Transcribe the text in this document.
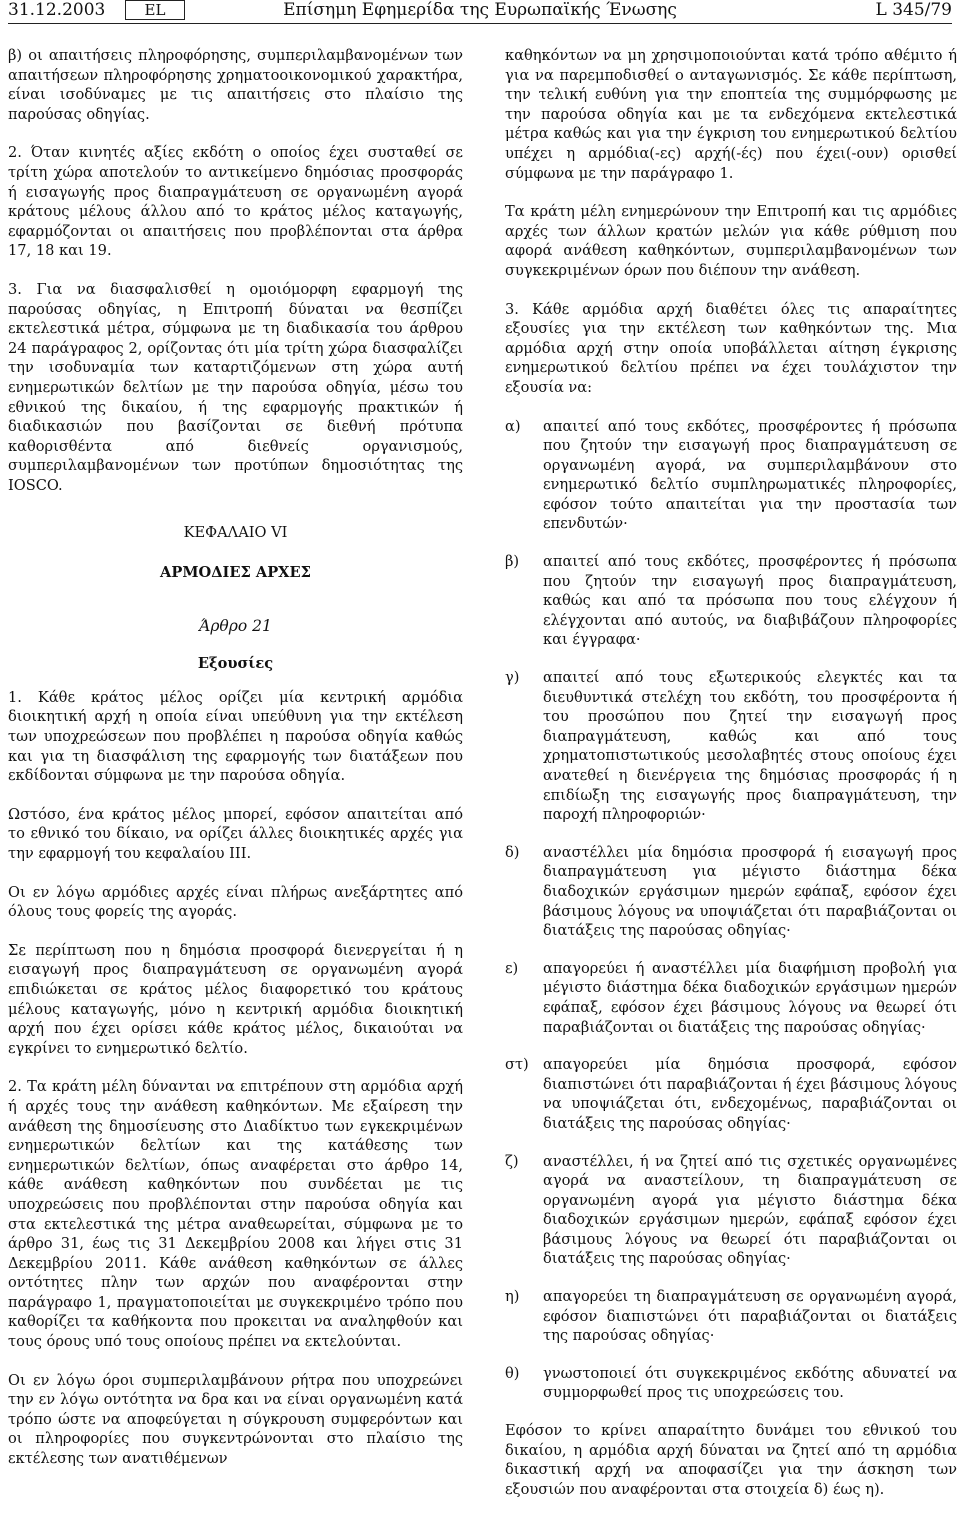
31.12.2003	EL	Επίσημη Εφημερίδα της Ευρωπαϊκής Ένωσης	L 345/79

β) οι απαιτήσεις πληροφόρησης, συμπεριλαμβανομένων των απαιτήσεων πληροφόρησης χρηματοοικονομικού χαρακτήρα, είναι ισοδύναμες με τις απαιτήσεις στο πλαίσιο της παρούσας οδηγίας.

2. Όταν κινητές αξίες εκδότη ο οποίος έχει συσταθεί σε τρίτη χώρα αποτελούν το αντικείμενο δημόσιας προσφοράς ή εισαγωγής προς διαπραγμάτευση σε οργανωμένη αγορά κράτους μέλους άλλου από το κράτος μέλος καταγωγής, εφαρμόζονται οι απαιτήσεις που προβλέπονται στα άρθρα 17, 18 και 19.

3. Για να διασφαλισθεί η ομοιόμορφη εφαρμογή της παρούσας οδηγίας, η Επιτροπή δύναται να θεσπίζει εκτελεστικά μέτρα, σύμφωνα με τη διαδικασία του άρθρου 24 παράγραφος 2, ορίζοντας ότι μία τρίτη χώρα διασφαλίζει την ισοδυναμία των καταρτιζόμενων στη χώρα αυτή ενημερωτικών δελτίων με την παρούσα οδηγία, μέσω του εθνικού της δικαίου, ή της εφαρμογής πρακτικών ή διαδικασιών που βασίζονται σε διεθνή πρότυπα καθορισθέντα από διεθνείς οργανισμούς, συμπεριλαμβανομένων των προτύπων δημοσιότητας της IOSCO.

ΚΕΦΑΛΑΙΟ VI
ΑΡΜΟΔΙΕΣ ΑΡΧΕΣ
Άρθρο 21
Εξουσίες

1. Κάθε κράτος μέλος ορίζει μία κεντρική αρμόδια διοικητική αρχή η οποία είναι υπεύθυνη για την εκτέλεση των υποχρεώσεων που προβλέπει η παρούσα οδηγία καθώς και για τη διασφάλιση της εφαρμογής των διατάξεων που εκδίδονται σύμφωνα με την παρούσα οδηγία.

Ωστόσο, ένα κράτος μέλος μπορεί, εφόσον απαιτείται από το εθνικό του δίκαιο, να ορίζει άλλες διοικητικές αρχές για την εφαρμογή του κεφαλαίου III.

Οι εν λόγω αρμόδιες αρχές είναι πλήρως ανεξάρτητες από όλους τους φορείς της αγοράς.

Σε περίπτωση που η δημόσια προσφορά διενεργείται ή η εισαγωγή προς διαπραγμάτευση σε οργανωμένη αγορά επιδιώκεται σε κράτος μέλος διαφορετικό του κράτους μέλους καταγωγής, μόνο η κεντρική αρμόδια διοικητική αρχή που έχει ορίσει κάθε κράτος μέλος, δικαιούται να εγκρίνει το ενημερωτικό δελτίο.

2. Τα κράτη μέλη δύνανται να επιτρέπουν στη αρμόδια αρχή ή αρχές τους την ανάθεση καθηκόντων. Με εξαίρεση την ανάθεση της δημοσίευσης στο Διαδίκτυο των εγκεκριμένων ενημερωτικών δελτίων και της κατάθεσης των ενημερωτικών δελτίων, όπως αναφέρεται στο άρθρο 14, κάθε ανάθεση καθηκόντων που συνδέεται με τις υποχρεώσεις που προβλέπονται στην παρούσα οδηγία και στα εκτελεστικά της μέτρα αναθεωρείται, σύμφωνα με το άρθρο 31, έως τις 31 Δεκεμβρίου 2008 και λήγει στις 31 Δεκεμβρίου 2011. Κάθε ανάθεση καθηκόντων σε άλλες οντότητες πλην των αρχών που αναφέρονται στην παράγραφο 1, πραγματοποιείται με συγκεκριμένο τρόπο που καθορίζει τα καθήκοντα που προκειται να αναληφθούν και τους όρους υπό τους οποίους πρέπει να εκτελούνται.

Οι εν λόγω όροι συμπεριλαμβάνουν ρήτρα που υποχρεώνει την εν λόγω οντότητα να δρα και να είναι οργανωμένη κατά τρόπο ώστε να αποφεύγεται η σύγκρουση συμφερόντων και οι πληροφορίες που συγκεντρώνονται στο πλαίσιο της εκτέλεσης των ανατιθέμενων

καθηκόντων να μη χρησιμοποιούνται κατά τρόπο αθέμιτο ή για να παρεμποδισθεί ο ανταγωνισμός. Σε κάθε περίπτωση, την τελική ευθύνη για την εποπτεία της συμμόρφωσης με την παρούσα οδηγία και με τα ενδεχόμενα εκτελεστικά μέτρα καθώς και για την έγκριση του ενημερωτικού δελτίου υπέχει η αρμόδια(-ες) αρχή(-ές) που έχει(-ουν) ορισθεί σύμφωνα με την παράγραφο 1.

Τα κράτη μέλη ενημερώνουν την Επιτροπή και τις αρμόδιες αρχές των άλλων κρατών μελών για κάθε ρύθμιση που αφορά ανάθεση καθηκόντων, συμπεριλαμβανομένων των συγκεκριμένων όρων που διέπουν την ανάθεση.

3. Κάθε αρμόδια αρχή διαθέτει όλες τις απαραίτητες εξουσίες για την εκτέλεση των καθηκόντων της. Μια αρμόδια αρχή στην οποία υποβάλλεται αίτηση έγκρισης ενημερωτικού δελτίου πρέπει να έχει τουλάχιστον την εξουσία να:

α)	απαιτεί από τους εκδότες, προσφέροντες ή πρόσωπα που ζητούν την εισαγωγή προς διαπραγμάτευση σε οργανωμένη αγορά, να συμπεριλαμβάνουν στο ενημερωτικό δελτίο συμπληρωματικές πληροφορίες, εφόσον τούτο απαιτείται για την προστασία των επενδυτών·
β)	απαιτεί από τους εκδότες, προσφέροντες ή πρόσωπα που ζητούν την εισαγωγή προς διαπραγμάτευση, καθώς και από τα πρόσωπα που τους ελέγχουν ή ελέγχονται από αυτούς, να διαβιβάζουν πληροφορίες και έγγραφα·
γ)	απαιτεί από τους εξωτερικούς ελεγκτές και τα διευθυντικά στελέχη του εκδότη, του προσφέροντα ή του προσώπου που ζητεί την εισαγωγή προς διαπραγμάτευση, καθώς και από τους χρηματοπιστωτικούς μεσολαβητές στους οποίους έχει ανατεθεί η διενέργεια της δημόσιας προσφοράς ή η επιδίωξη της εισαγωγής προς διαπραγμάτευση, την παροχή πληροφοριών·
δ)	αναστέλλει μία δημόσια προσφορά ή εισαγωγή προς διαπραγμάτευση για μέγιστο διάστημα δέκα διαδοχικών εργάσιμων ημερών εφάπαξ, εφόσον έχει βάσιμους λόγους να υποψιάζεται ότι παραβιάζονται οι διατάξεις της παρούσας οδηγίας·
ε)	απαγορεύει ή αναστέλλει μία διαφήμιση προβολή για μέγιστο διάστημα δέκα διαδοχικών εργάσιμων ημερών εφάπαξ, εφόσον έχει βάσιμους λόγους να θεωρεί ότι παραβιάζονται οι διατάξεις της παρούσας οδηγίας·
στ) απαγορεύει μία δημόσια προσφορά, εφόσον διαπιστώνει ότι παραβιάζονται ή έχει βάσιμους λόγους να υποψιάζεται ότι, ενδεχομένως, παραβιάζονται οι διατάξεις της παρούσας οδηγίας·
ζ)	αναστέλλει, ή να ζητεί από τις σχετικές οργανωμένες αγορά να αναστείλουν, τη διαπραγμάτευση σε οργανωμένη αγορά για μέγιστο διάστημα δέκα διαδοχικών εργάσιμων ημερών, εφάπαξ εφόσον έχει βάσιμους λόγους να θεωρεί ότι παραβιάζονται οι διατάξεις της παρούσας οδηγίας·
η)	απαγορεύει τη διαπραγμάτευση σε οργανωμένη αγορά, εφόσον διαπιστώνει ότι παραβιάζονται οι διατάξεις της παρούσας οδηγίας·
θ)	γνωστοποιεί ότι συγκεκριμένος εκδότης αδυνατεί να συμμορφωθεί προς τις υποχρεώσεις του.

Εφόσον το κρίνει απαραίτητο δυνάμει του εθνικού του δικαίου, η αρμόδια αρχή δύναται να ζητεί από τη αρμόδια δικαστική αρχή να αποφασίζει για την άσκηση των εξουσιών που αναφέρονται στα στοιχεία δ) έως η).
